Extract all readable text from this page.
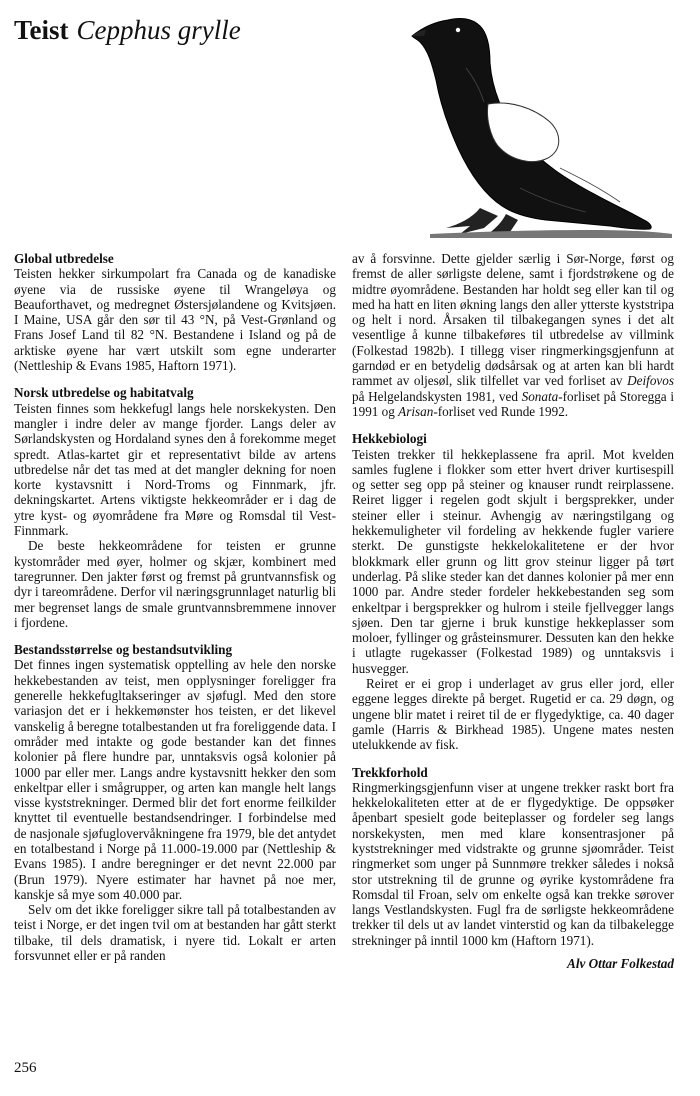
Teist Cepphus grylle
Global utbredelse

Teisten hekker sirkumpolart fra Canada og de kanadiske øyene via de russiske øyene til Wrangeløya og Beauforthavet, og medregnet Østersjølandene og Kvitsjøen. I Maine, USA går den sør til 43 °N, på Vest-Grønland og Frans Josef Land til 82 °N. Bestandene i Island og på de arktiske øyene har vært utskilt som egne underarter (Nettleship & Evans 1985, Haftorn 1971).

Norsk utbredelse og habitatvalg

Teisten finnes som hekkefugl langs hele norskekysten. Den mangler i indre deler av mange fjorder. Langs deler av Sørlandskysten og Hordaland synes den å forekomme meget spredt. Atlas-kartet gir et representativt bilde av artens utbredelse når det tas med at det mangler dekning for noen korte kystavsnitt i Nord-Troms og Finnmark, jfr. dekningskartet. Artens viktigste hekkeområder er i dag de ytre kyst- og øyområdene fra Møre og Romsdal til Vest-Finnmark.

De beste hekkeområdene for teisten er grunne kystområder med øyer, holmer og skjær, kombinert med taregrunner. Den jakter først og fremst på gruntvannsfisk og dyr i tareområdene. Derfor vil næringsgrunnlaget naturlig bli mer begrenset langs de smale gruntvannsbremmene innover i fjordene.

Bestandsstørrelse og bestandsutvikling

Det finnes ingen systematisk opptelling av hele den norske hekkebestanden av teist, men opplysninger foreligger fra generelle hekkefugltakseringer av sjøfugl. Med den store variasjon det er i hekkemønster hos teisten, er det likevel vanskelig å beregne totalbestanden ut fra foreliggende data. I områder med intakte og gode bestander kan det finnes kolonier på flere hundre par, unntaksvis også kolonier på 1000 par eller mer. Langs andre kystavsnitt hekker den som enkeltpar eller i smågrupper, og arten kan mangle helt langs visse kyststrekninger. Dermed blir det fort enorme feilkilder knyttet til eventuelle bestandsendringer. I forbindelse med de nasjonale sjøfuglovervåkningene fra 1979, ble det antydet en totalbestand i Norge på 11.000-19.000 par (Nettleship & Evans 1985). I andre beregninger er det nevnt 22.000 par (Brun 1979). Nyere estimater har havnet på noe mer, kanskje så mye som 40.000 par.

Selv om det ikke foreligger sikre tall på totalbestanden av teist i Norge, er det ingen tvil om at bestanden har gått sterkt tilbake, til dels dramatisk, i nyere tid. Lokalt er arten forsvunnet eller er på randen

av å forsvinne. Dette gjelder særlig i Sør-Norge, først og fremst de aller sørligste delene, samt i fjordstrøkene og de midtre øyområdene. Bestanden har holdt seg eller kan til og med ha hatt en liten økning langs den aller ytterste kyststripa og helt i nord. Årsaken til tilbakegangen synes i det alt vesentlige å kunne tilbakeføres til utbredelse av villmink (Folkestad 1982b). I tillegg viser ringmerkingsgjenfunn at garndød er en betydelig dødsårsak og at arten kan bli hardt rammet av oljesøl, slik tilfellet var ved forliset av Deifovos på Helgelandskysten 1981, ved Sonata-forliset på Storegga i 1991 og Arisan-forliset ved Runde 1992.

Hekkebiologi

Teisten trekker til hekkeplassene fra april. Mot kvelden samles fuglene i flokker som etter hvert driver kurtisespill og setter seg opp på steiner og knauser rundt reirplassene. Reiret ligger i regelen godt skjult i bergsprekker, under steiner eller i steinur. Avhengig av næringstilgang og hekkemuligheter vil fordeling av hekkende fugler variere sterkt. De gunstigste hekkelokalitetene er der hvor blokkmark eller grunn og litt grov steinur ligger på tørt underlag. På slike steder kan det dannes kolonier på mer enn 1000 par. Andre steder fordeler hekkebestanden seg som enkeltpar i bergsprekker og hulrom i steile fjellvegger langs sjøen. Den tar gjerne i bruk kunstige hekkeplasser som moloer, fyllinger og gråsteinsmurer. Dessuten kan den hekke i utlagte rugekasser (Folkestad 1989) og unntaksvis i husvegger.

Reiret er ei grop i underlaget av grus eller jord, eller eggene legges direkte på berget. Rugetid er ca. 29 døgn, og ungene blir matet i reiret til de er flygedyktige, ca. 40 dager gamle (Harris & Birkhead 1985). Ungene mates nesten utelukkende av fisk.

Trekkforhold

Ringmerkingsgjenfunn viser at ungene trekker raskt bort fra hekkelokaliteten etter at de er flygedyktige. De oppsøker åpenbart spesielt gode beiteplasser og fordeler seg langs norskekysten, men med klare konsentrasjoner på kyststrekninger med vidstrakte og grunne sjøområder. Teist ringmerket som unger på Sunnmøre trekker således i nokså stor utstrekning til de grunne og øyrike kystområdene fra Romsdal til Froan, selv om enkelte også kan trekke sørover langs Vestlandskysten. Fugl fra de sørligste hekkeområdene trekker til dels ut av landet vinterstid og kan da tilbakelegge strekninger på inntil 1000 km (Haftorn 1971).

Alv Ottar Folkestad
256
